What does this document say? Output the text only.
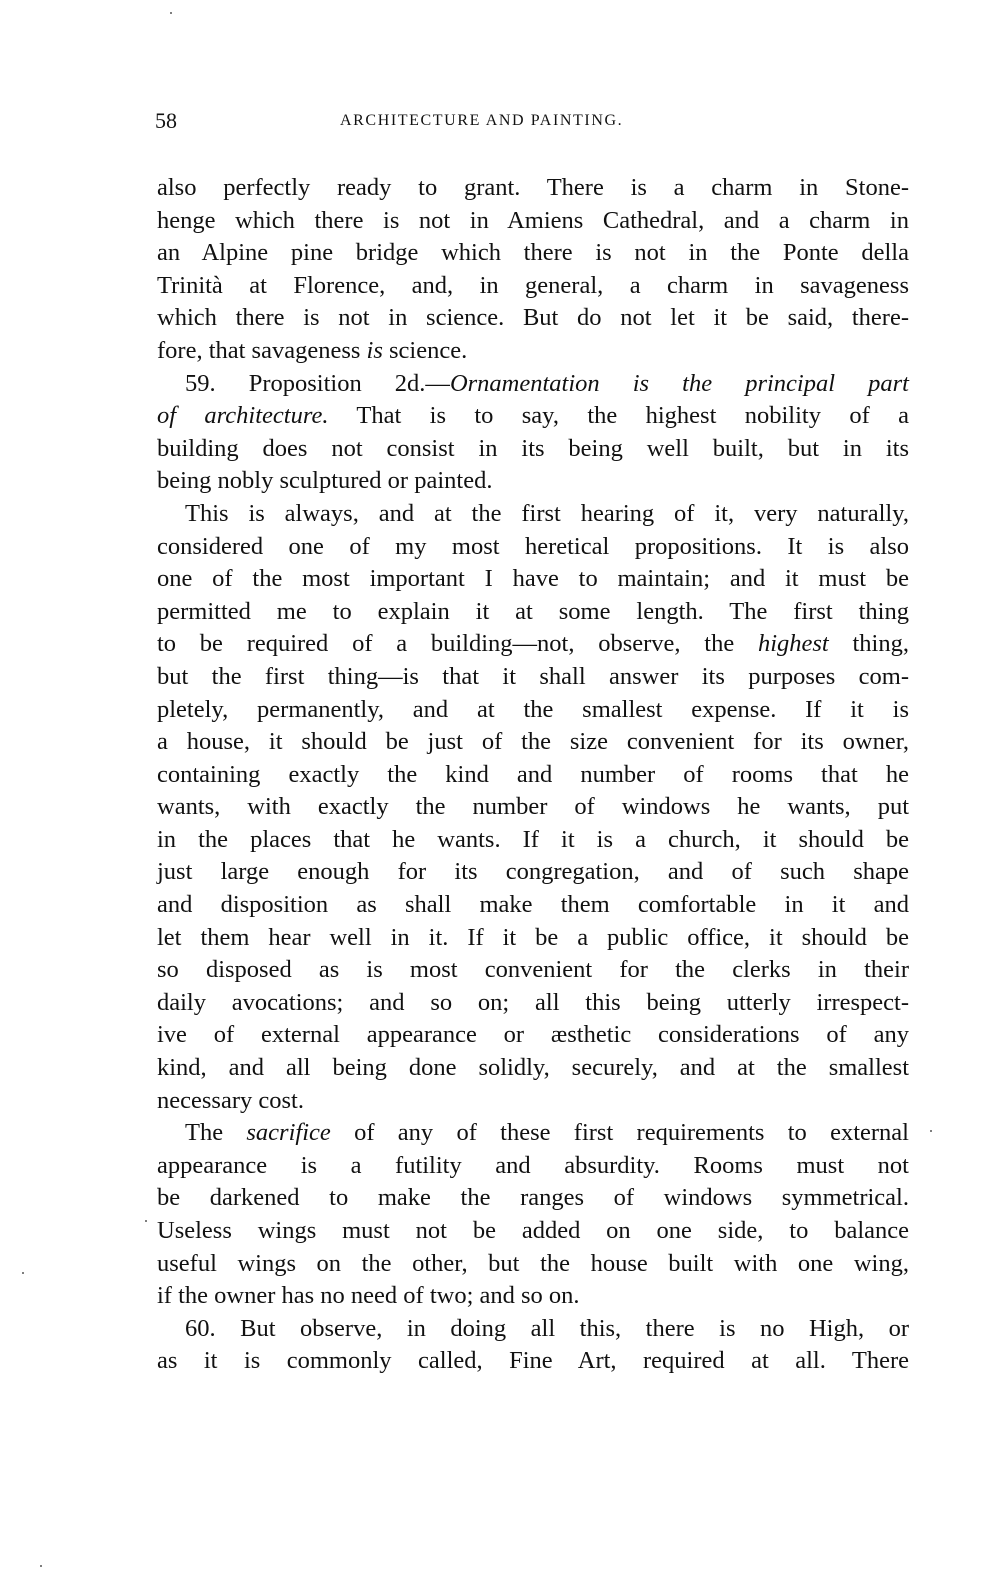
58	ARCHITECTURE AND PAINTING.
also perfectly ready to grant. There is a charm in Stone-
henge which there is not in Amiens Cathedral, and a charm in
an Alpine pine bridge which there is not in the Ponte della
Trinità at Florence, and, in general, a charm in savageness
which there is not in science. But do not let it be said, there-
fore, that savageness is science.
59. Proposition 2d.—Ornamentation is the principal part
of architecture. That is to say, the highest nobility of a
building does not consist in its being well built, but in its
being nobly sculptured or painted.
This is always, and at the first hearing of it, very naturally,
considered one of my most heretical propositions. It is also
one of the most important I have to maintain; and it must be
permitted me to explain it at some length. The first thing
to be required of a building—not, observe, the highest thing,
but the first thing—is that it shall answer its purposes com-
pletely, permanently, and at the smallest expense. If it is
a house, it should be just of the size convenient for its owner,
containing exactly the kind and number of rooms that he
wants, with exactly the number of windows he wants, put
in the places that he wants. If it is a church, it should be
just large enough for its congregation, and of such shape
and disposition as shall make them comfortable in it and
let them hear well in it. If it be a public office, it should be
so disposed as is most convenient for the clerks in their
daily avocations; and so on; all this being utterly irrespect-
ive of external appearance or æsthetic considerations of any
kind, and all being done solidly, securely, and at the smallest
necessary cost.
The sacrifice of any of these first requirements to external
appearance is a futility and absurdity. Rooms must not
be darkened to make the ranges of windows symmetrical.
Useless wings must not be added on one side, to balance
useful wings on the other, but the house built with one wing,
if the owner has no need of two; and so on.
60. But observe, in doing all this, there is no High, or
as it is commonly called, Fine Art, required at all. There
